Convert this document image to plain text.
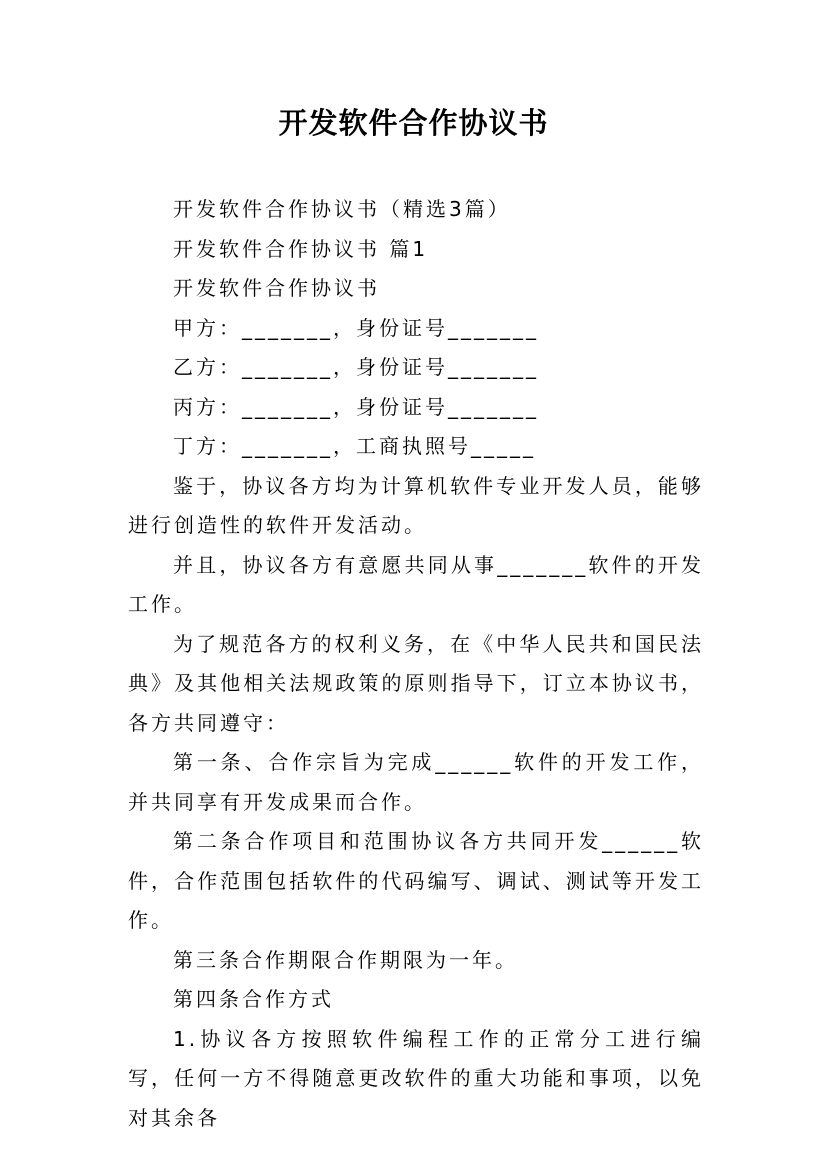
开发软件合作协议书

开发软件合作协议书（精选3篇）

开发软件合作协议书 篇1

开发软件合作协议书

甲方：_______，身份证号_______

乙方：_______，身份证号_______

丙方：_______，身份证号_______

丁方：_______，工商执照号_____

鉴于，协议各方均为计算机软件专业开发人员，能够进行创造性的软件开发活动。

并且，协议各方有意愿共同从事_______软件的开发工作。

为了规范各方的权利义务，在《中华人民共和国民法典》及其他相关法规政策的原则指导下，订立本协议书，各方共同遵守：

第一条、合作宗旨为完成______软件的开发工作，并共同享有开发成果而合作。

第二条合作项目和范围协议各方共同开发______软件，合作范围包括软件的代码编写、调试、测试等开发工作。

第三条合作期限合作期限为一年。

第四条合作方式

1.协议各方按照软件编程工作的正常分工进行编写，任何一方不得随意更改软件的重大功能和事项，以免对其余各
